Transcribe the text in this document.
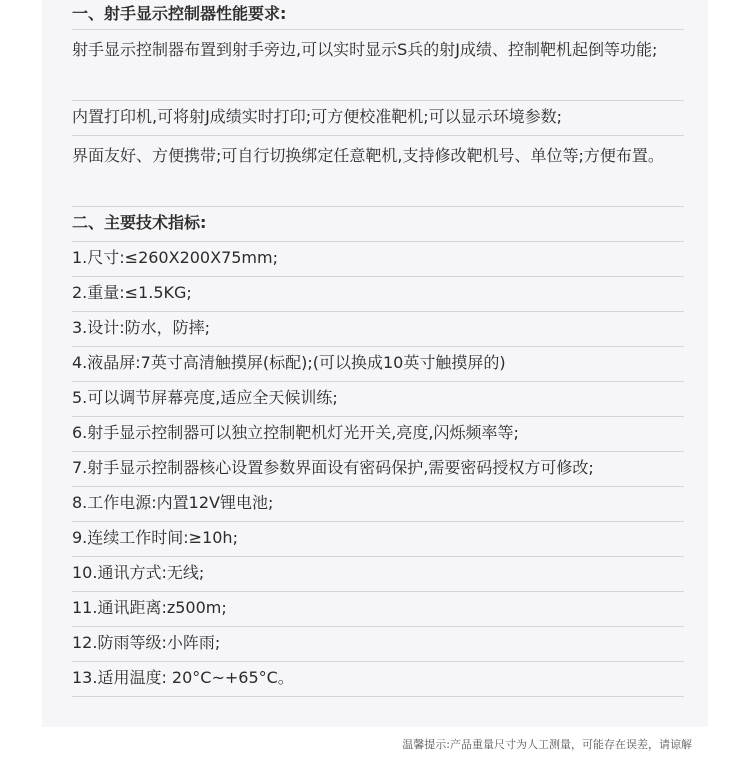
一、射手显示控制器性能要求:
射手显示控制器布置到射手旁边,可以实时显示S兵的射J成绩、控制靶机起倒等功能;
内置打印机,可将射J成绩实时打印;可方便校准靶机;可以显示环境参数;
界面友好、方便携带;可自行切换绑定任意靶机,支持修改靶机号、单位等;方便布置。
二、主要技术指标:
1.尺寸:≤260X200X75mm;
2.重量:≤1.5KG;
3.设计:防水，防摔;
4.液晶屏:7英寸高清触摸屏(标配);(可以换成10英寸触摸屏的)
5.可以调节屏幕亮度,适应全天候训练;
6.射手显示控制器可以独立控制靶机灯光开关,亮度,闪烁频率等;
7.射手显示控制器核心设置参数界面设有密码保护,需要密码授权方可修改;
8.工作电源:内置12V锂电池;
9.连续工作时间:≥10h;
10.通讯方式:无线;
11.通讯距离:z500m;
12.防雨等级:小阵雨;
13.适用温度: 20°C~+65°C。
温馨提示:产品重量尺寸为人工测量，可能存在误差，请谅解
